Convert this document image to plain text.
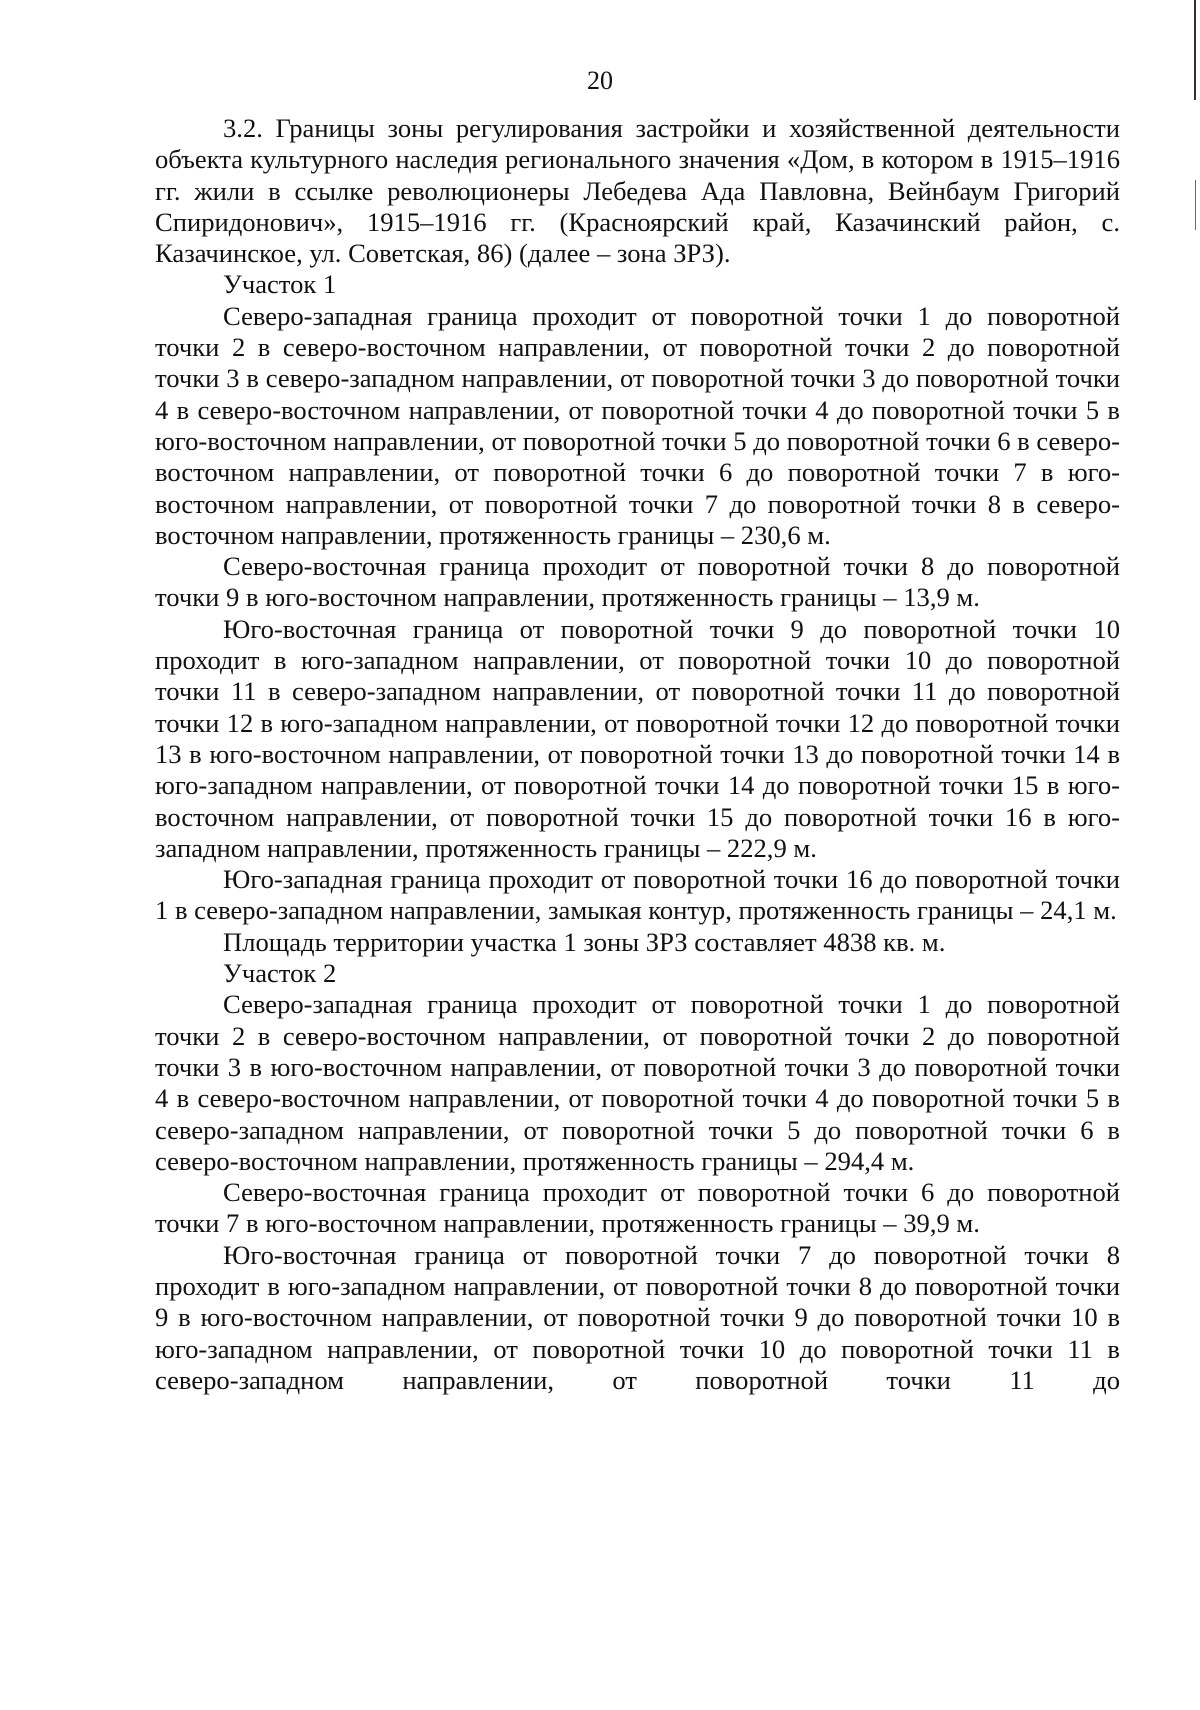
20

3.2. Границы зоны регулирования застройки и хозяйственной деятельности объекта культурного наследия регионального значения «Дом, в котором в 1915–1916 гг. жили в ссылке революционеры Лебедева Ада Павловна, Вейнбаум Григорий Спиридонович», 1915–1916 гг. (Красноярский край, Казачинский район, с. Казачинское, ул. Советская, 86) (далее – зона ЗРЗ).

Участок 1

Северо-западная граница проходит от поворотной точки 1 до поворотной точки 2 в северо-восточном направлении, от поворотной точки 2 до поворотной точки 3 в северо-западном направлении, от поворотной точки 3 до поворотной точки 4 в северо-восточном направлении, от поворотной точки 4 до поворотной точки 5 в юго-восточном направлении, от поворотной точки 5 до поворотной точки 6 в северо-восточном направлении, от поворотной точки 6 до поворотной точки 7 в юго-восточном направлении, от поворотной точки 7 до поворотной точки 8 в северо-восточном направлении, протяженность границы – 230,6 м.

Северо-восточная граница проходит от поворотной точки 8 до поворотной точки 9 в юго-восточном направлении, протяженность границы – 13,9 м.

Юго-восточная граница от поворотной точки 9 до поворотной точки 10 проходит в юго-западном направлении, от поворотной точки 10 до поворотной точки 11 в северо-западном направлении, от поворотной точки 11 до поворотной точки 12 в юго-западном направлении, от поворотной точки 12 до поворотной точки 13 в юго-восточном направлении, от поворотной точки 13 до поворотной точки 14 в юго-западном направлении, от поворотной точки 14 до поворотной точки 15 в юго-восточном направлении, от поворотной точки 15 до поворотной точки 16 в юго-западном направлении, протяженность границы – 222,9 м.

Юго-западная граница проходит от поворотной точки 16 до поворотной точки 1 в северо-западном направлении, замыкая контур, протяженность границы – 24,1 м.

Площадь территории участка 1 зоны ЗРЗ составляет 4838 кв. м.

Участок 2

Северо-западная граница проходит от поворотной точки 1 до поворотной точки 2 в северо-восточном направлении, от поворотной точки 2 до поворотной точки 3 в юго-восточном направлении, от поворотной точки 3 до поворотной точки 4 в северо-восточном направлении, от поворотной точки 4 до поворотной точки 5 в северо-западном направлении, от поворотной точки 5 до поворотной точки 6 в северо-восточном направлении, протяженность границы – 294,4 м.

Северо-восточная граница проходит от поворотной точки 6 до поворотной точки 7 в юго-восточном направлении, протяженность границы – 39,9 м.

Юго-восточная граница от поворотной точки 7 до поворотной точки 8 проходит в юго-западном направлении, от поворотной точки 8 до поворотной точки 9 в юго-восточном направлении, от поворотной точки 9 до поворотной точки 10 в юго-западном направлении, от поворотной точки 10 до поворотной точки 11 в северо-западном направлении, от поворотной точки 11 до
